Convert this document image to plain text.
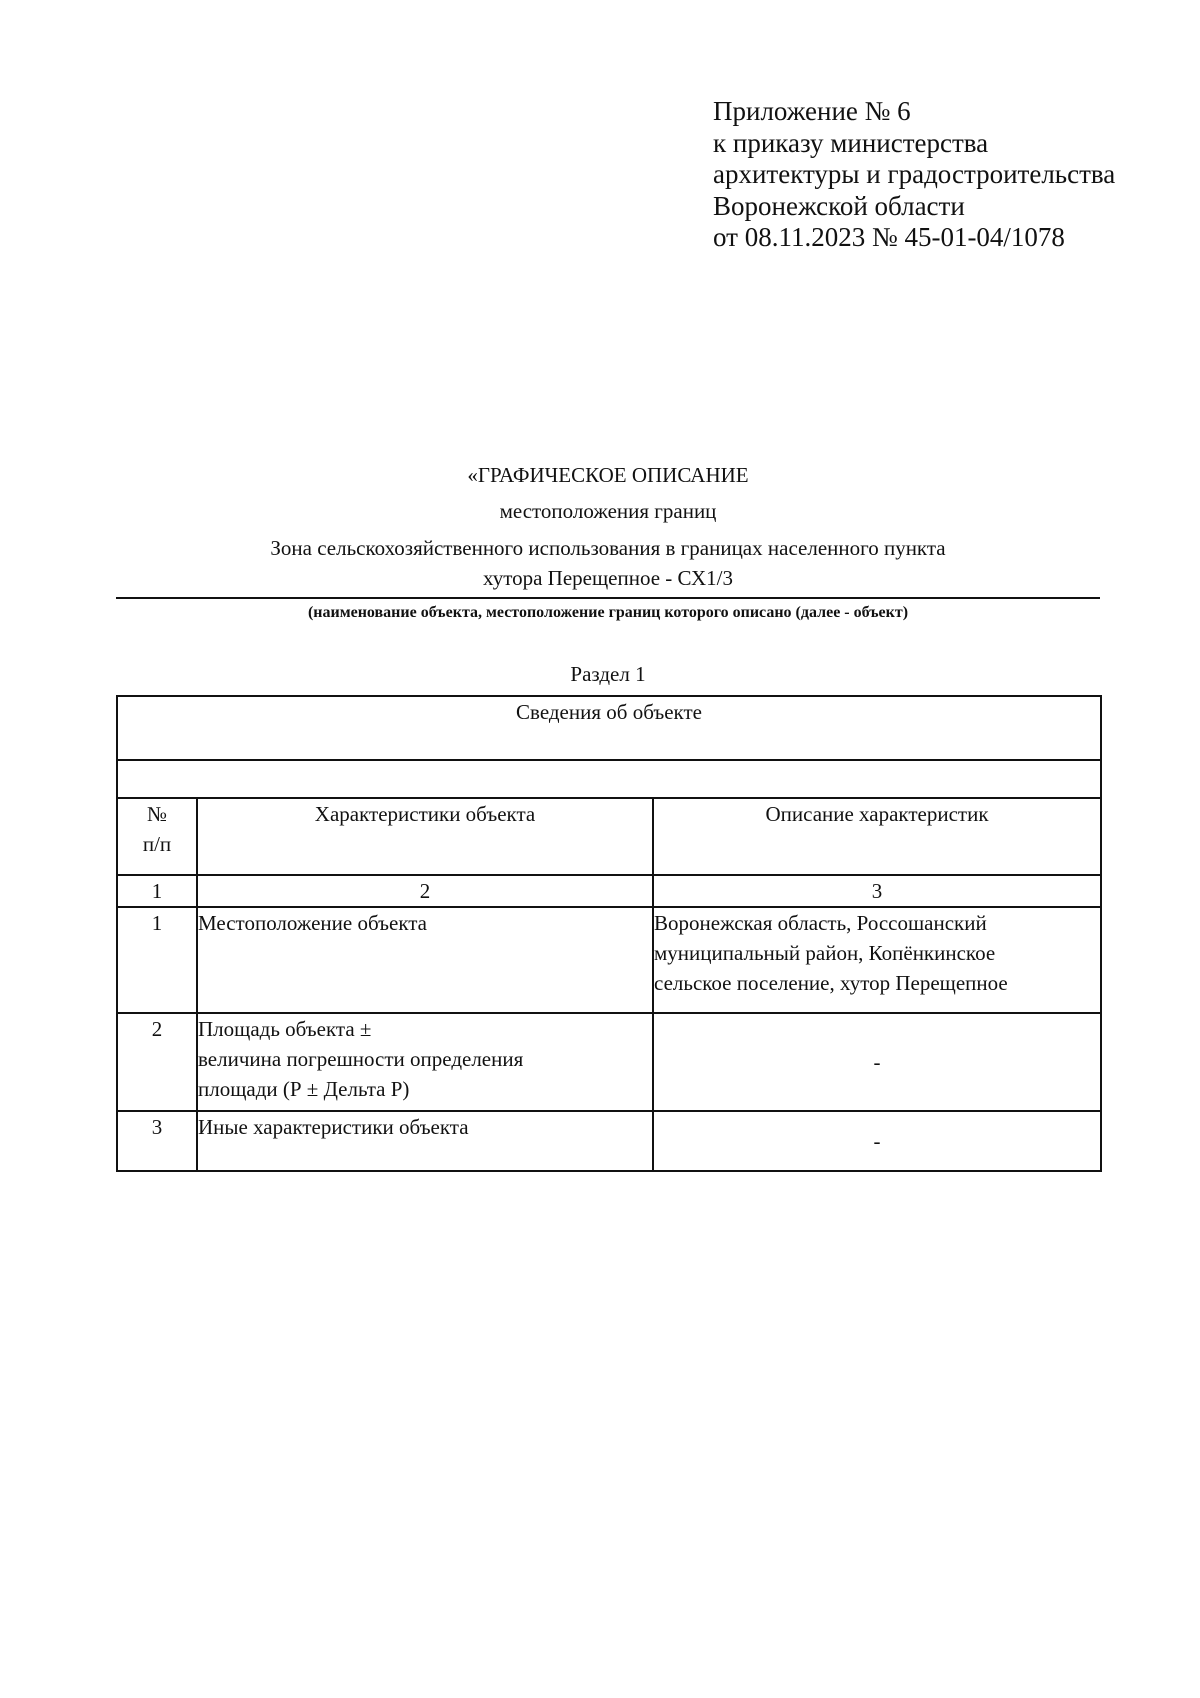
Приложение № 6
к приказу министерства
архитектуры и градостроительства
Воронежской области
от 08.11.2023 № 45-01-04/1078
«ГРАФИЧЕСКОЕ ОПИСАНИЕ
местоположения границ
Зона сельскохозяйственного использования в границах населенного пункта
хутора Перещепное - СХ1/3
(наименование объекта, местоположение границ которого описано (далее - объект)
Раздел 1
Сведения об объекте		

№
п/п	Характеристики объекта	Описание характеристик
1	2	3
1	Местоположение объекта	Воронежская область, Россошанский
муниципальный район, Копёнкинское
сельское поселение, хутор Перещепное

2	Площадь объекта ±
величина погрешности определения
площади (Р ± Дельта Р)	-

3	Иные характеристики объекта	-
